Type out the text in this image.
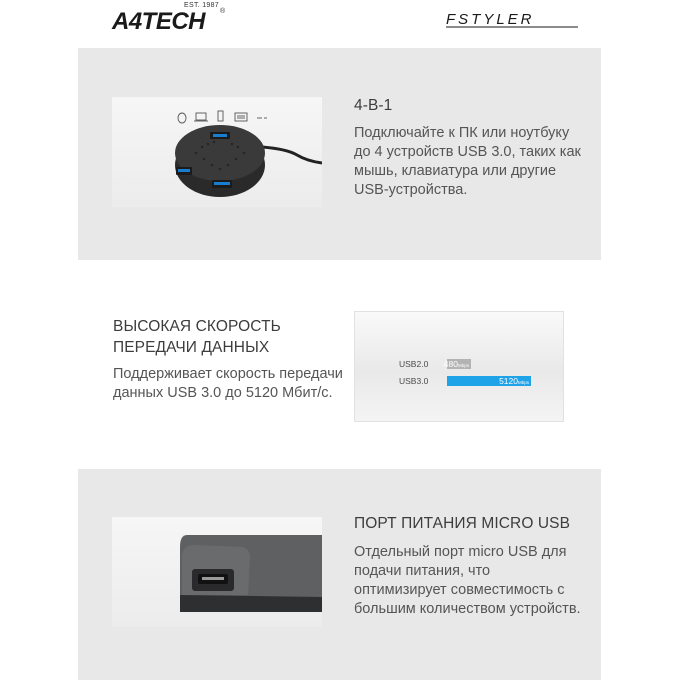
EST. 1987
A4TECH ®	FSTYLER
4-В-1
Подключайте к ПК или ноутбуку до 4 устройств USB 3.0, таких как мышь, клавиатура или другие USB-устройства.
ВЫСОКАЯ СКОРОСТЬ
ПЕРЕДАЧИ ДАННЫХ
Поддерживает скорость передачи данных USB 3.0 до 5120 Мбит/с.
USB2.0 480Mbps
USB3.0	5120Mbps
ПОРТ ПИТАНИЯ MICRO USB
Отдельный порт micro USB для подачи питания, что оптимизирует совместимость с большим количеством устройств.
